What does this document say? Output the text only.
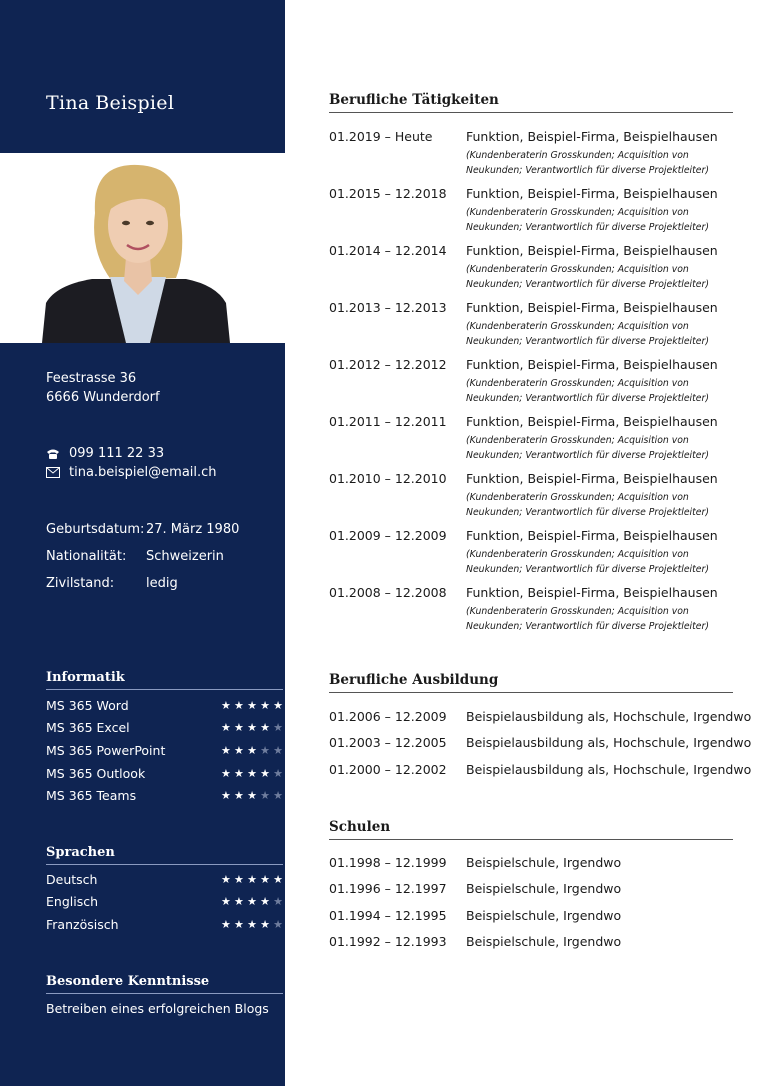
Tina Beispiel
Feestrasse 36
6666 Wunderdorf
099 111 22 33
tina.beispiel@email.ch
Geburtsdatum: 27. März 1980
Nationalität:	Schweizerin
Zivilstand:	ledig
Informatik
MS 365 Word	★ ★ ★ ★ ★
MS 365 Excel	★ ★ ★ ★ ★
MS 365 PowerPoint	★ ★ ★ ★ ★
MS 365 Outlook	★ ★ ★ ★ ★
MS 365 Teams	★ ★ ★ ★ ★
Sprachen
Deutsch	★ ★ ★ ★ ★
Englisch	★ ★ ★ ★ ★
Französisch	★ ★ ★ ★ ★
Besondere Kenntnisse
Betreiben eines erfolgreichen Blogs
Berufliche Tätigkeiten
01.2019 – Heute	Funktion, Beispiel-Firma, Beispielhausen
(Kundenberaterin Grosskunden; Acquisition von
Neukunden; Verantwortlich für diverse Projektleiter)
01.2015 – 12.2018 Funktion, Beispiel-Firma, Beispielhausen
(Kundenberaterin Grosskunden; Acquisition von
Neukunden; Verantwortlich für diverse Projektleiter)
01.2014 – 12.2014 Funktion, Beispiel-Firma, Beispielhausen
(Kundenberaterin Grosskunden; Acquisition von
Neukunden; Verantwortlich für diverse Projektleiter)
01.2013 – 12.2013 Funktion, Beispiel-Firma, Beispielhausen
(Kundenberaterin Grosskunden; Acquisition von
Neukunden; Verantwortlich für diverse Projektleiter)
01.2012 – 12.2012 Funktion, Beispiel-Firma, Beispielhausen
(Kundenberaterin Grosskunden; Acquisition von
Neukunden; Verantwortlich für diverse Projektleiter)
01.2011 – 12.2011 Funktion, Beispiel-Firma, Beispielhausen
(Kundenberaterin Grosskunden; Acquisition von
Neukunden; Verantwortlich für diverse Projektleiter)
01.2010 – 12.2010 Funktion, Beispiel-Firma, Beispielhausen
(Kundenberaterin Grosskunden; Acquisition von
Neukunden; Verantwortlich für diverse Projektleiter)
01.2009 – 12.2009 Funktion, Beispiel-Firma, Beispielhausen
(Kundenberaterin Grosskunden; Acquisition von
Neukunden; Verantwortlich für diverse Projektleiter)
01.2008 – 12.2008 Funktion, Beispiel-Firma, Beispielhausen
(Kundenberaterin Grosskunden; Acquisition von
Neukunden; Verantwortlich für diverse Projektleiter)
Berufliche Ausbildung
01.2006 – 12.2009 Beispielausbildung als, Hochschule, Irgendwo
01.2003 – 12.2005 Beispielausbildung als, Hochschule, Irgendwo
01.2000 – 12.2002 Beispielausbildung als, Hochschule, Irgendwo
Schulen
01.1998 – 12.1999 Beispielschule, Irgendwo
01.1996 – 12.1997 Beispielschule, Irgendwo
01.1994 – 12.1995 Beispielschule, Irgendwo
01.1992 – 12.1993 Beispielschule, Irgendwo
